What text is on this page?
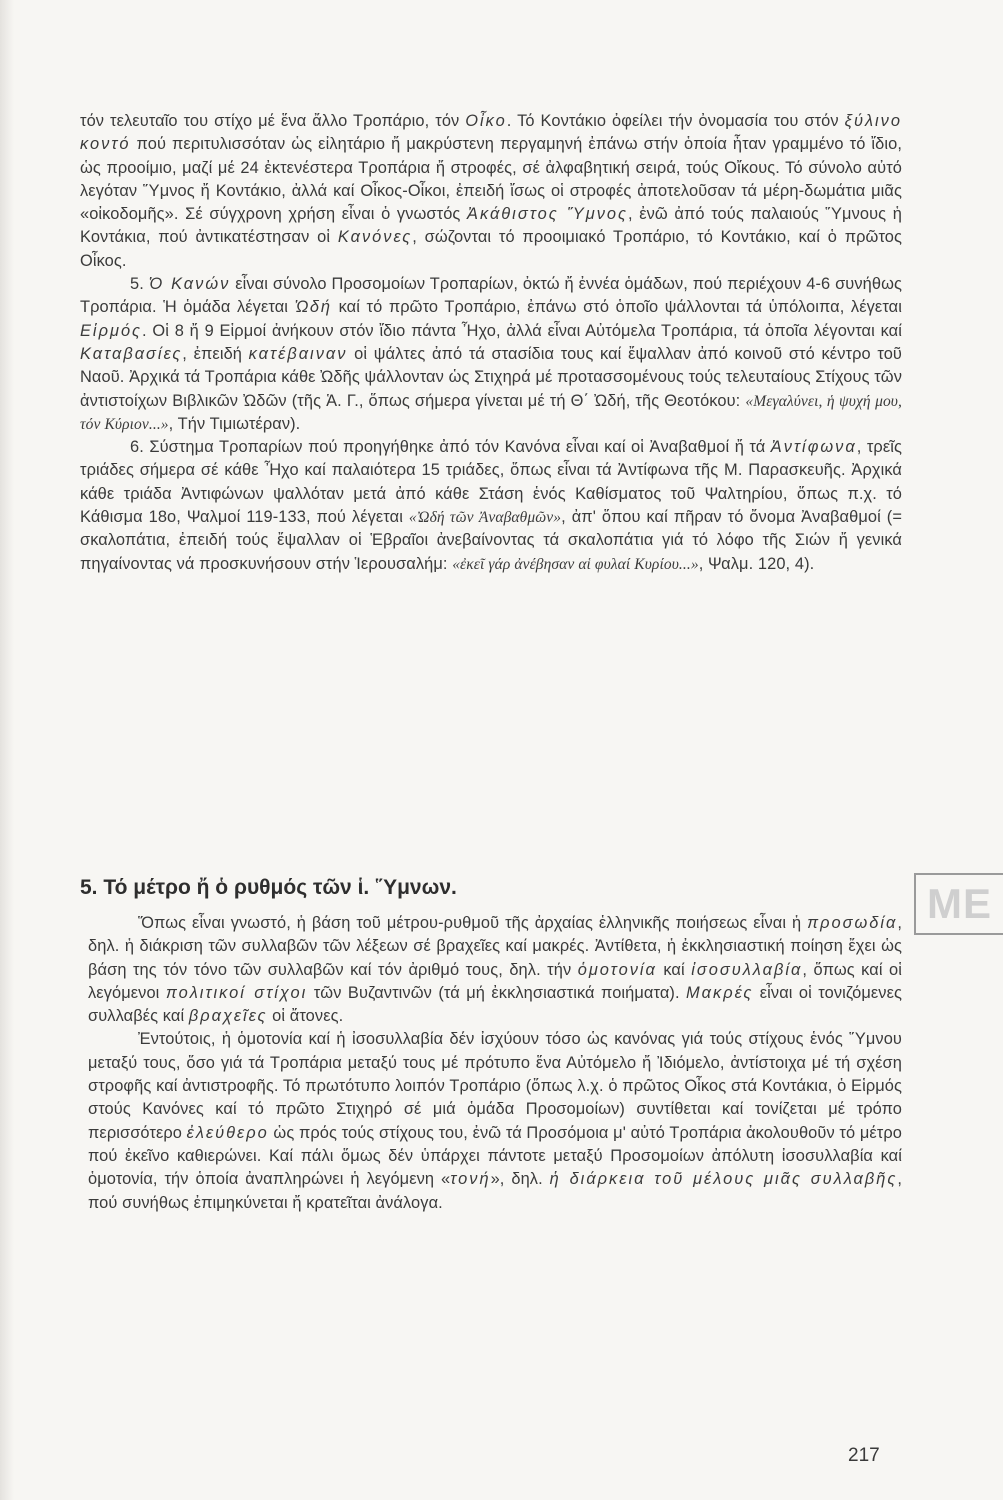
τόν τελευταῖο του στίχο μέ ἕνα ἄλλο Τροπάριο, τόν Οἶκο. Τό Κοντάκιο ὀφείλει τήν ὀνομασία του στόν ξύλινο κοντό πού περιτυλισσόταν ὡς εἰλητάριο ἤ μακρύστενη περγαμηνή ἐπάνω στήν ὁποία ἦταν γραμμένο τό ἴδιο, ὡς προοίμιο, μαζί μέ 24 ἐκτενέστερα Τροπάρια ἤ στροφές, σέ ἀλφαβητική σειρά, τούς Οἴκους. Τό σύνολο αὐτό λεγόταν Ὕμνος ἤ Κοντάκιο, ἀλλά καί Οἶκος-Οἶκοι, ἐπειδή ἴσως οἱ στροφές ἀποτελοῦσαν τά μέρη-δωμάτια μιᾶς «οἰκοδομῆς». Σέ σύγχρονη χρήση εἶναι ὁ γνωστός Ἀκάθιστος Ὕμνος, ἐνῶ ἀπό τούς παλαιούς Ὕμνους ἡ Κοντάκια, πού ἀντικατέστησαν οἱ Κανόνες, σώζονται τό προοιμιακό Τροπάριο, τό Κοντάκιο, καί ὁ πρῶτος Οἶκος.

5. Ὁ Κανών εἶναι σύνολο Προσομοίων Τροπαρίων, ὀκτώ ἤ ἐννέα ὁμάδων, πού περιέχουν 4-6 συνήθως Τροπάρια. Ἡ ὁμάδα λέγεται Ὠδή καί τό πρῶτο Τροπάριο, ἐπάνω στό ὁποῖο ψάλλονται τά ὑπόλοιπα, λέγεται Εἱρμός. Οἱ 8 ἤ 9 Εἱρμοί ἀνήκουν στόν ἴδιο πάντα Ἦχο, ἀλλά εἶναι Αὐτόμελα Τροπάρια, τά ὁποῖα λέγονται καί Καταβασίες, ἐπειδή κατέβαιναν οἱ ψάλτες ἀπό τά στασίδια τους καί ἔψαλλαν ἀπό κοινοῦ στό κέντρο τοῦ Ναοῦ. Ἀρχικά τά Τροπάρια κάθε Ὠδῆς ψάλλονταν ὡς Στιχηρά μέ προτασσομένους τούς τελευταίους Στίχους τῶν ἀντιστοίχων Βιβλικῶν Ὠδῶν (τῆς Ἁ. Γ., ὅπως σήμερα γίνεται μέ τή Θ΄ Ὠδή, τῆς Θεοτόκου: «Μεγαλύνει, ἡ ψυχή μου, τόν Κύριον...», Τήν Τιμιωτέραν).

6. Σύστημα Τροπαρίων πού προηγήθηκε ἀπό τόν Κανόνα εἶναι καί οἱ Ἀναβαθμοί ἤ τά Ἀντίφωνα, τρεῖς τριάδες σήμερα σέ κάθε Ἦχο καί παλαιότερα 15 τριάδες, ὅπως εἶναι τά Ἀντίφωνα τῆς Μ. Παρασκευῆς. Ἀρχικά κάθε τριάδα Ἀντιφώνων ψαλλόταν μετά ἀπό κάθε Στάση ἑνός Καθίσματος τοῦ Ψαλτηρίου, ὅπως π.χ. τό Κάθισμα 18ο, Ψαλμοί 119-133, πού λέγεται «Ὠδή τῶν Ἀναβαθμῶν», ἀπ' ὅπου καί πῆραν τό ὄνομα Ἀναβαθμοί (= σκαλοπάτια, ἐπειδή τούς ἔψαλλαν οἱ Ἑβραῖοι ἀνεβαίνοντας τά σκαλοπάτια γιά τό λόφο τῆς Σιών ἤ γενικά πηγαίνοντας νά προσκυνήσουν στήν Ἱερουσαλήμ: «ἐκεῖ γάρ ἀνέβησαν αἱ φυλαί Κυρίου...», Ψαλμ. 120, 4).

5. Τό μέτρο ἤ ὁ ρυθμός τῶν ἱ. Ὕμνων.	ΜΕ

Ὅπως εἶναι γνωστό, ἡ βάση τοῦ μέτρου-ρυθμοῦ τῆς ἀρχαίας ἑλληνικῆς ποιήσεως εἶναι ἡ προσωδία, δηλ. ἡ διάκριση τῶν συλλαβῶν τῶν λέξεων σέ βραχεῖες καί μακρές. Ἀντίθετα, ἡ ἐκκλησιαστική ποίηση ἔχει ὡς βάση της τόν τόνο τῶν συλλαβῶν καί τόν ἀριθμό τους, δηλ. τήν ὁμοτονία καί ἰσοσυλλαβία, ὅπως καί οἱ λεγόμενοι πολιτικοί στίχοι τῶν Βυζαντινῶν (τά μή ἐκκλησιαστικά ποιήματα). Μακρές εἶναι οἱ τονιζόμενες συλλαβές καί βραχεῖες οἱ ἄτονες.

Ἐντούτοις, ἡ ὁμοτονία καί ἡ ἰσοσυλλαβία δέν ἰσχύουν τόσο ὡς κανόνας γιά τούς στίχους ἑνός Ὕμνου μεταξύ τους, ὅσο γιά τά Τροπάρια μεταξύ τους μέ πρότυπο ἕνα Αὐτόμελο ἤ Ἰδιόμελο, ἀντίστοιχα μέ τή σχέση στροφῆς καί ἀντιστροφῆς. Τό πρωτότυπο λοιπόν Τροπάριο (ὅπως λ.χ. ὁ πρῶτος Οἶκος στά Κοντάκια, ὁ Εἱρμός στούς Κανόνες καί τό πρῶτο Στιχηρό σέ μιά ὁμάδα Προσομοίων) συντίθεται καί τονίζεται μέ τρόπο περισσότερο ἐλεύθερο ὡς πρός τούς στίχους του, ἐνῶ τά Προσόμοια μ' αὐτό Τροπάρια ἀκολουθοῦν τό μέτρο πού ἐκεῖνο καθιερώνει. Καί πάλι ὅμως δέν ὑπάρχει πάντοτε μεταξύ Προσομοίων ἀπόλυτη ἰσοσυλλαβία καί ὁμοτονία, τήν ὁποία ἀναπληρώνει ἡ λεγόμενη «τονή», δηλ. ἡ διάρκεια τοῦ μέλους μιᾶς συλλαβῆς, πού συνήθως ἐπιμηκύνεται ἤ κρατεῖται ἀνάλογα.

217
